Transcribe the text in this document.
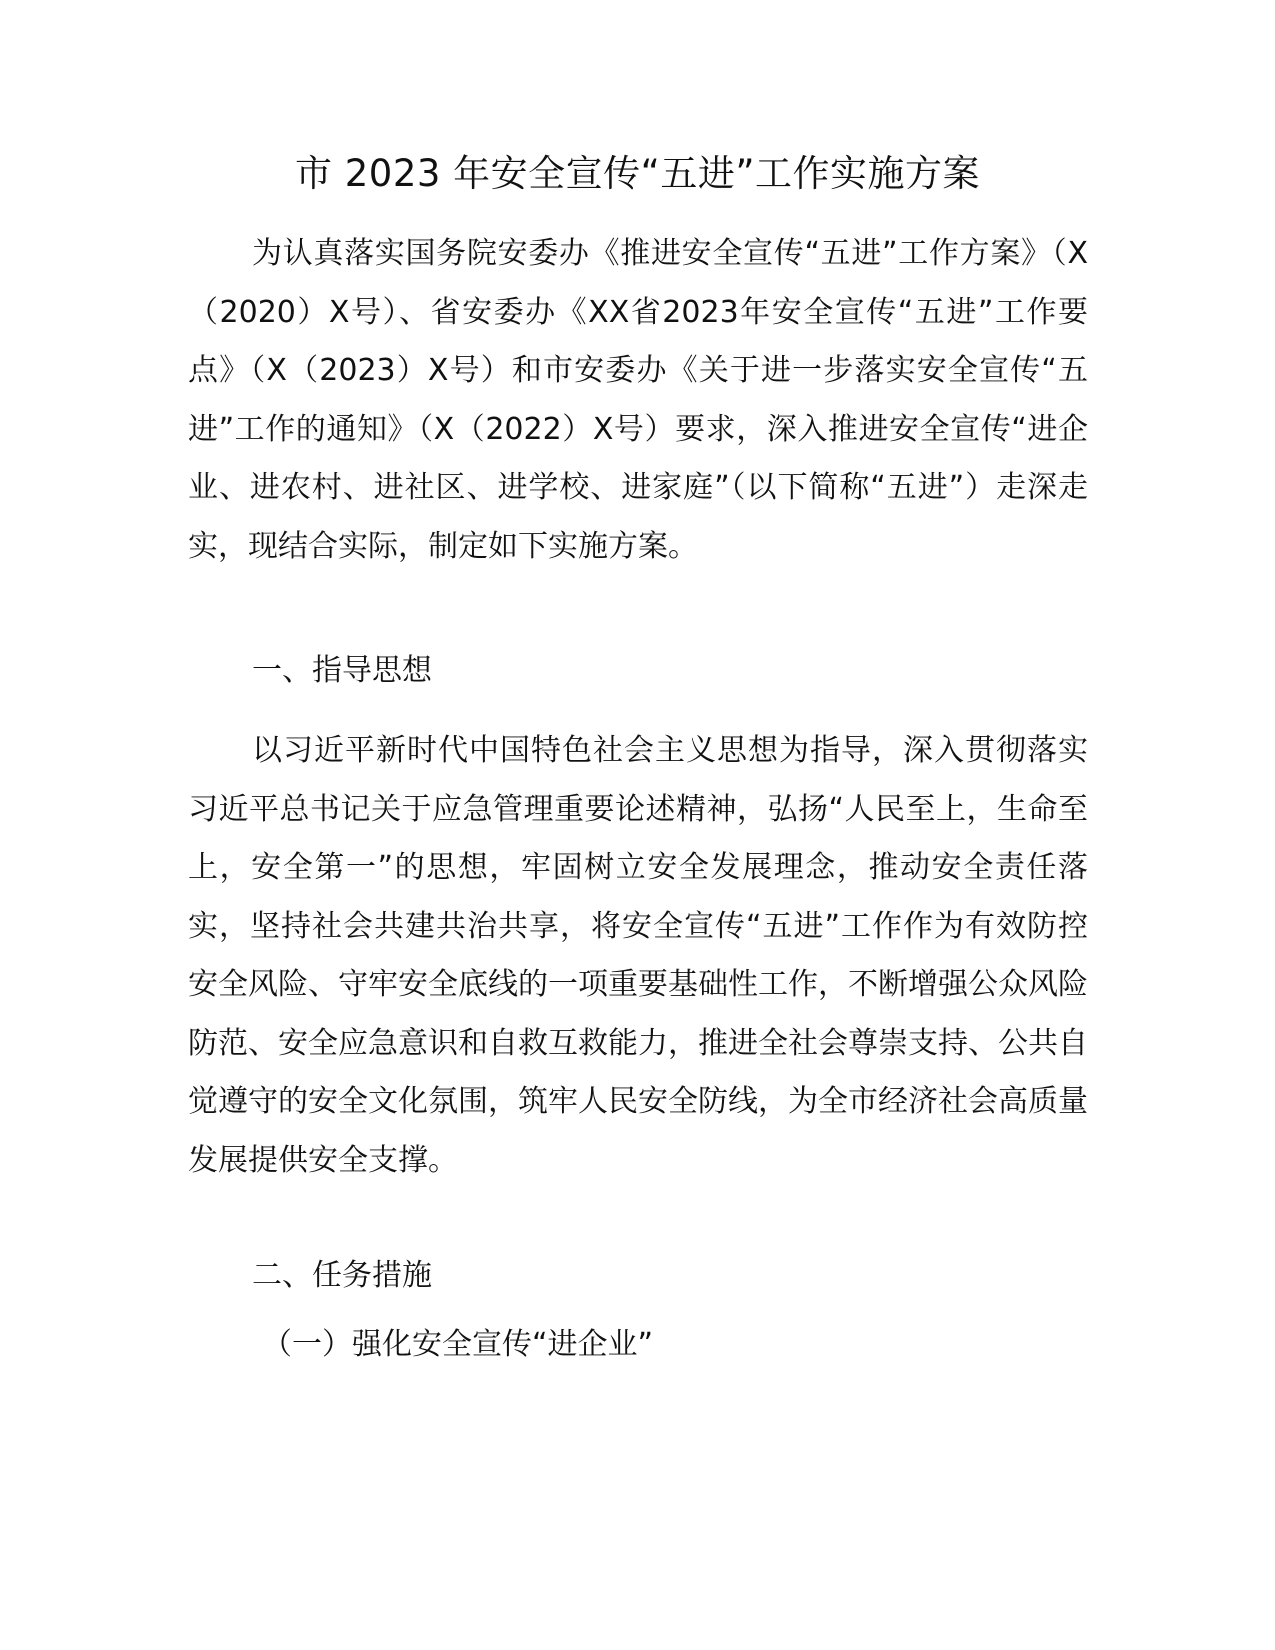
市 2023 年安全宣传“五进”工作实施方案
为认真落实国务院安委办《推进安全宣传“五进”工作方案》（X（2020）X号）、省安委办《XX省2023年安全宣传“五进”工作要点》（X（2023）X号）和市安委办《关于进一步落实安全宣传“五进”工作的通知》（X（2022）X号）要求，深入推进安全宣传“进企业、进农村、进社区、进学校、进家庭”（以下简称“五进”）走深走实，现结合实际，制定如下实施方案。
一、指导思想
以习近平新时代中国特色社会主义思想为指导，深入贯彻落实习近平总书记关于应急管理重要论述精神，弘扬“人民至上，生命至上，安全第一”的思想，牢固树立安全发展理念，推动安全责任落实，坚持社会共建共治共享，将安全宣传“五进”工作作为有效防控安全风险、守牢安全底线的一项重要基础性工作，不断增强公众风险防范、安全应急意识和自救互救能力，推进全社会尊崇支持、公共自觉遵守的安全文化氛围，筑牢人民安全防线，为全市经济社会高质量发展提供安全支撑。
二、任务措施
（一）强化安全宣传“进企业”
